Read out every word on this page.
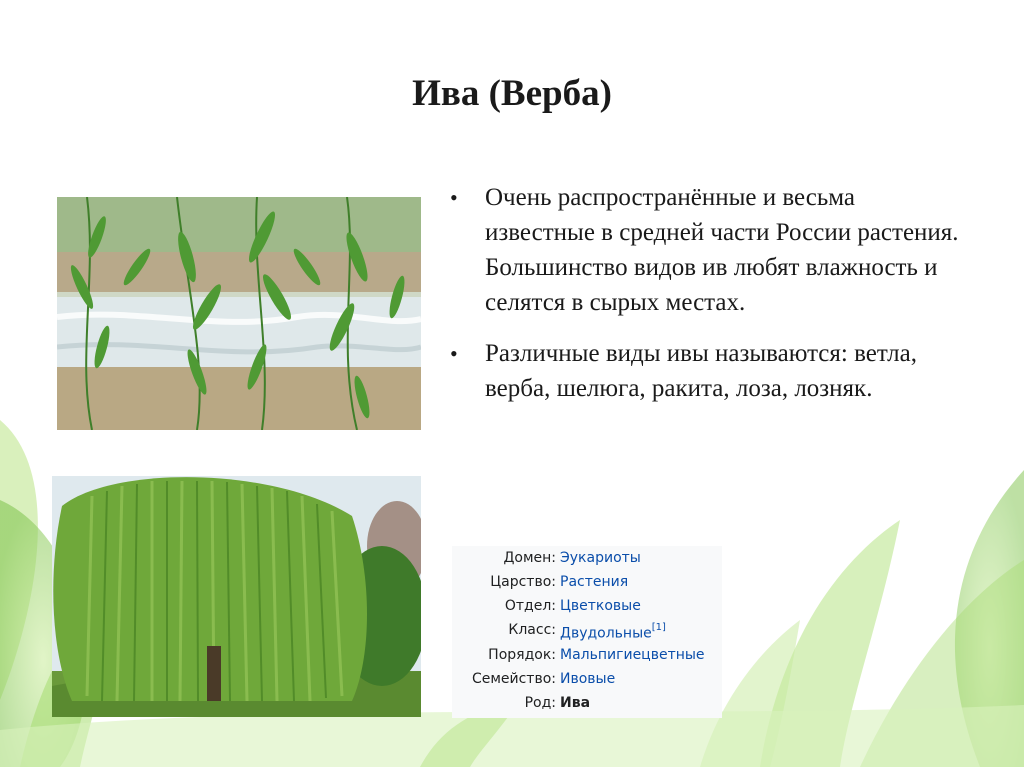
Ива (Верба)
• Очень распространённые и весьма известные в средней части России растения. Большинство видов ив любят влажность и селятся в сырых местах.
• Различные виды ивы называются: ветла, верба, шелюга, ракита, лоза, лозняк.
Домен: Эукариоты
Царство: Растения
Отдел: Цветковые
Класс: Двудольные[1]
Порядок: Мальпигиецветные
Семейство: Ивовые
Род: Ива
